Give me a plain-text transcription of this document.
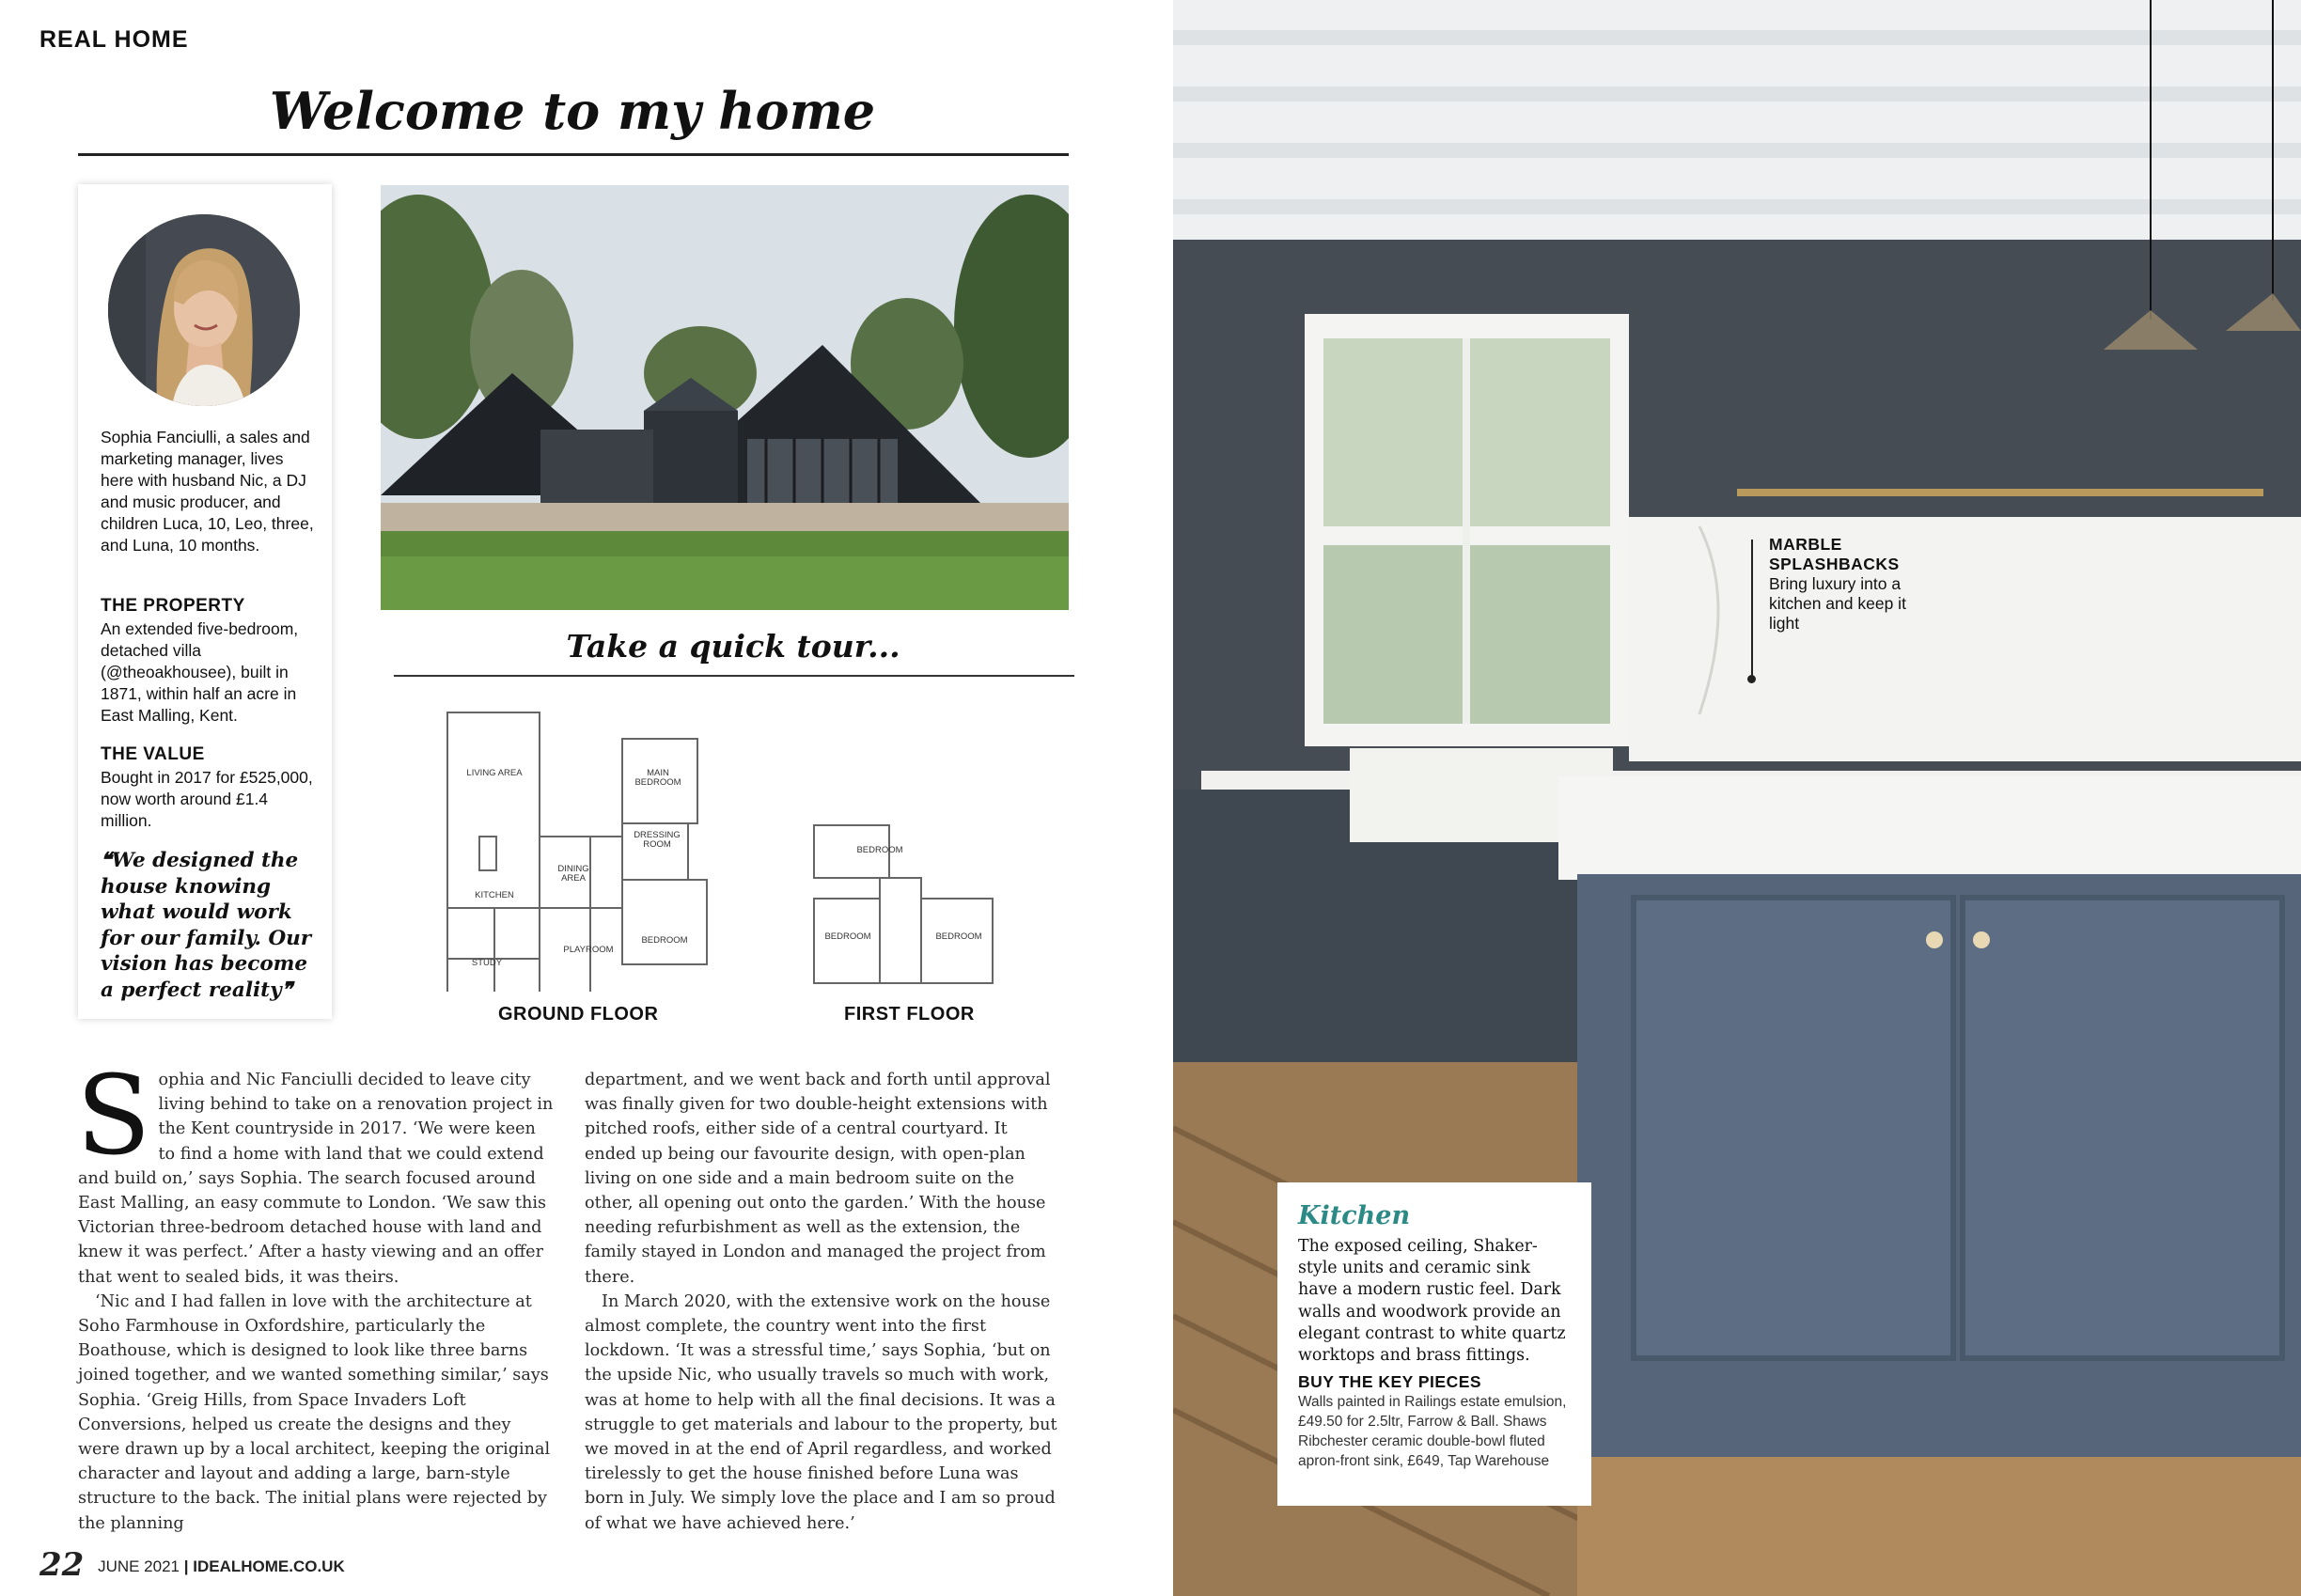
REAL HOME
Welcome to my home
Sophia Fanciulli, a sales and marketing manager, lives here with husband Nic, a DJ and music producer, and children Luca, 10, Leo, three, and Luna, 10 months.
THE PROPERTY
An extended five-bedroom, detached villa (@theoakhousee), built in 1871, within half an acre in East Malling, Kent.
THE VALUE
Bought in 2017 for £525,000, now worth around £1.4 million.
❝We designed the house knowing what would work for our family. Our vision has become a perfect reality❞
Take a quick tour...
LIVING AREA	MAIN BEDROOM
DRESSING ROOM
DINING AREA
KITCHEN
STUDY
PLAYROOM
BEDROOM
GROUND FLOOR
BEDROOM
BEDROOM	BEDROOM
FIRST FLOOR
S ophia and Nic Fanciulli decided to leave city living behind to take on a renovation project in the Kent countryside in 2017. ‘We were keen to find a home with land that we could extend and build on,’ says Sophia. The search focused around East Malling, an easy commute to London. ‘We saw this Victorian three-bedroom detached house with land and knew it was perfect.’ After a hasty viewing and an offer that went to sealed bids, it was theirs.
‘Nic and I had fallen in love with the architecture at Soho Farmhouse in Oxfordshire, particularly the Boathouse, which is designed to look like three barns joined together, and we wanted something similar,’ says Sophia. ‘Greig Hills, from Space Invaders Loft Conversions, helped us create the designs and they were drawn up by a local architect, keeping the original character and layout and adding a large, barn-style structure to the back. The initial plans were rejected by the planning
department, and we went back and forth until approval was finally given for two double-height extensions with pitched roofs, either side of a central courtyard. It ended up being our favourite design, with open-plan living on one side and a main bedroom suite on the other, all opening out onto the garden.’ With the house needing refurbishment as well as the extension, the family stayed in London and managed the project from there.
In March 2020, with the extensive work on the house almost complete, the country went into the first lockdown. ‘It was a stressful time,’ says Sophia, ‘but on the upside Nic, who usually travels so much with work, was at home to help with all the final decisions. It was a struggle to get materials and labour to the property, but we moved in at the end of April regardless, and worked tirelessly to get the house finished before Luna was born in July. We simply love the place and I am so proud of what we have achieved here.’
22 JUNE 2021 | IDEALHOME.CO.UK
MARBLE SPLASHBACKS
Bring luxury into a kitchen and keep it light
Kitchen
The exposed ceiling, Shaker-style units and ceramic sink have a modern rustic feel. Dark walls and woodwork provide an elegant contrast to white quartz worktops and brass fittings.
BUY THE KEY PIECES
Walls painted in Railings estate emulsion, £49.50 for 2.5ltr, Farrow & Ball. Shaws Ribchester ceramic double-bowl fluted apron-front sink, £649, Tap Warehouse
